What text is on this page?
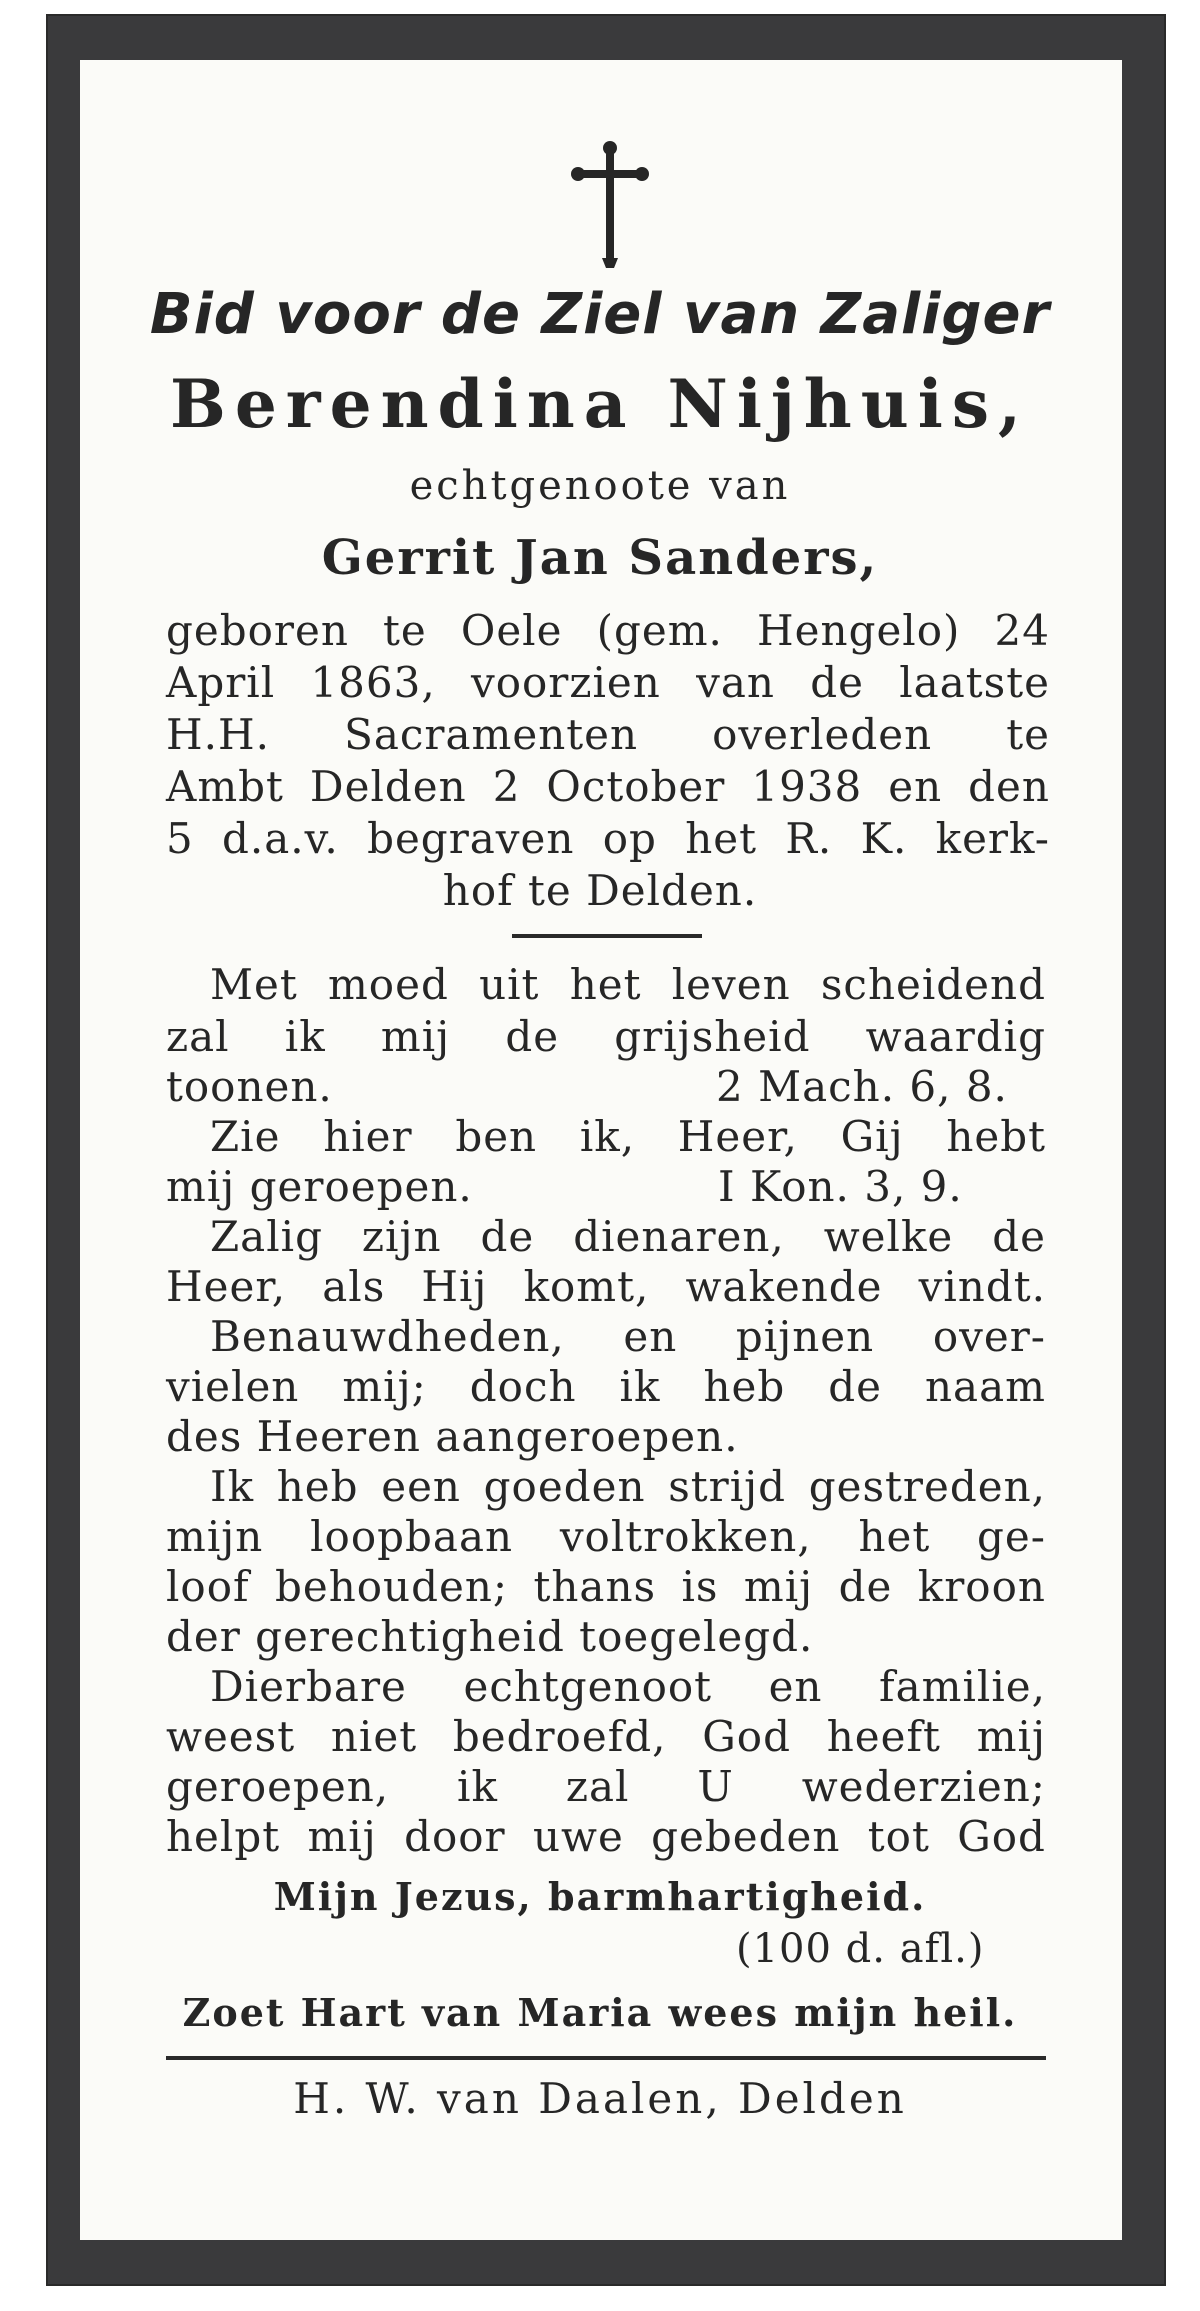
Bid voor de Ziel van Zaliger
Berendina Nijhuis,
echtgenoote van
Gerrit Jan Sanders,
geboren te Oele (gem. Hengelo) 24
April 1863, voorzien van de laatste
H.H. Sacramenten overleden te
Ambt Delden 2 October 1938 en den
5 d.a.v. begraven op het R. K. kerk-
hof te Delden.
Met moed uit het leven scheidend
zal ik mij de grijsheid waardig
toonen.	2 Mach. 6, 8.
Zie hier ben ik, Heer, Gij hebt
mij geroepen.	I Kon. 3, 9.
Zalig zijn de dienaren, welke de
Heer, als Hij komt, wakende vindt.
Benauwdheden, en pijnen over-
vielen mij; doch ik heb de naam
des Heeren aangeroepen.
Ik heb een goeden strijd gestreden,
mijn loopbaan voltrokken, het ge-
loof behouden; thans is mij de kroon
der gerechtigheid toegelegd.
Dierbare echtgenoot en familie,
weest niet bedroefd, God heeft mij
geroepen, ik zal U wederzien;
helpt mij door uwe gebeden tot God
Mijn Jezus, barmhartigheid.
(100 d. afl.)
Zoet Hart van Maria wees mijn heil.
H. W. van Daalen, Delden
